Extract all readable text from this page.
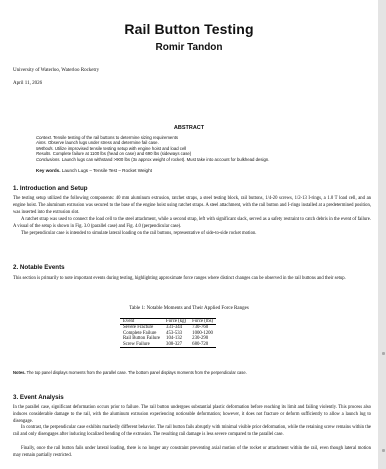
Rail Button Testing
Romir Tandon
University of Waterloo, Waterloo Rocketry
April 11, 2026
ABSTRACT
Context. Tensile testing of the rail buttons to determine sizing requirements
Aims. Observe launch lugs under stress and determine fail case.
Methods. Utilize improvised tensile testing setup with engine hoist and load cell
Results. Complete failure at 1100 lbs (head on case) and 690 lbs (sideways case)
Conclusions. Launch lugs can withstand >900 lbs (3x approx weight of rocket). Must take into account for bulkhead design.
Key words. Launch Lugs – Tensile Test – Rocket Weight
1. Introduction and Setup
The testing setup utilized the following components: 40 mm aluminum extrusion, ratchet straps, a steel testing block, rail buttons, 1/4-20 screws, 1/2-13 I-rings, a 1.0 T load cell, and an engine hoist. The aluminum extrusion was secured to the base of the engine hoist using ratchet straps. A steel attachment, with the rail button and I-rings installed at a predetermined position, was inserted into the extrusion slot.
A ratchet strap was used to connect the load cell to the steel attachment, while a second strap, left with significant slack, served as a safety restraint to catch debris in the event of failure. A visual of the setup is shown in Fig. 3.0 (parallel case) and Fig. 4.0 (perpendicular case).
The perpendicular case is intended to simulate lateral loading on the rail buttons, representative of side-to-side rocket motion.
2. Notable Events
This section is primarily to note important events during testing, highlighting approximate force ranges where distinct changes can be observed in the rail buttons and their setup.
Table 1: Notable Moments and Their Applied Force Ranges
Event	Force (kg)	Force (lbs)
Severe Fracture	331-344	730-760
Complete Failure	453-533	1000-1200
Rail Button Failure	104-132	230-290
Screw Failure	308-327	680-720
Notes. The top panel displays moments from the parallel case. The bottom panel displays moments from the perpendicular case.
3. Event Analysis
In the parallel case, significant deformation occurs prior to failure. The rail button undergoes substantial plastic deformation before reaching its limit and failing violently. This process also induces considerable damage to the rail, with the aluminum extrusion experiencing noticeable deformation; however, it does not fracture or deform sufficiently to allow a launch lug to disengage.
In contrast, the perpendicular case exhibits markedly different behavior. The rail button fails abruptly with minimal visible prior deformation, while the retaining screw remains within the rail and only disengages after inducing localized bending of the extrusion. The resulting rail damage is less severe compared to the parallel case.
Finally, once the rail button fails under lateral loading, there is no longer any constraint preventing axial motion of the rocket or attachment within the rail, even though lateral motion may remain partially restricted.
